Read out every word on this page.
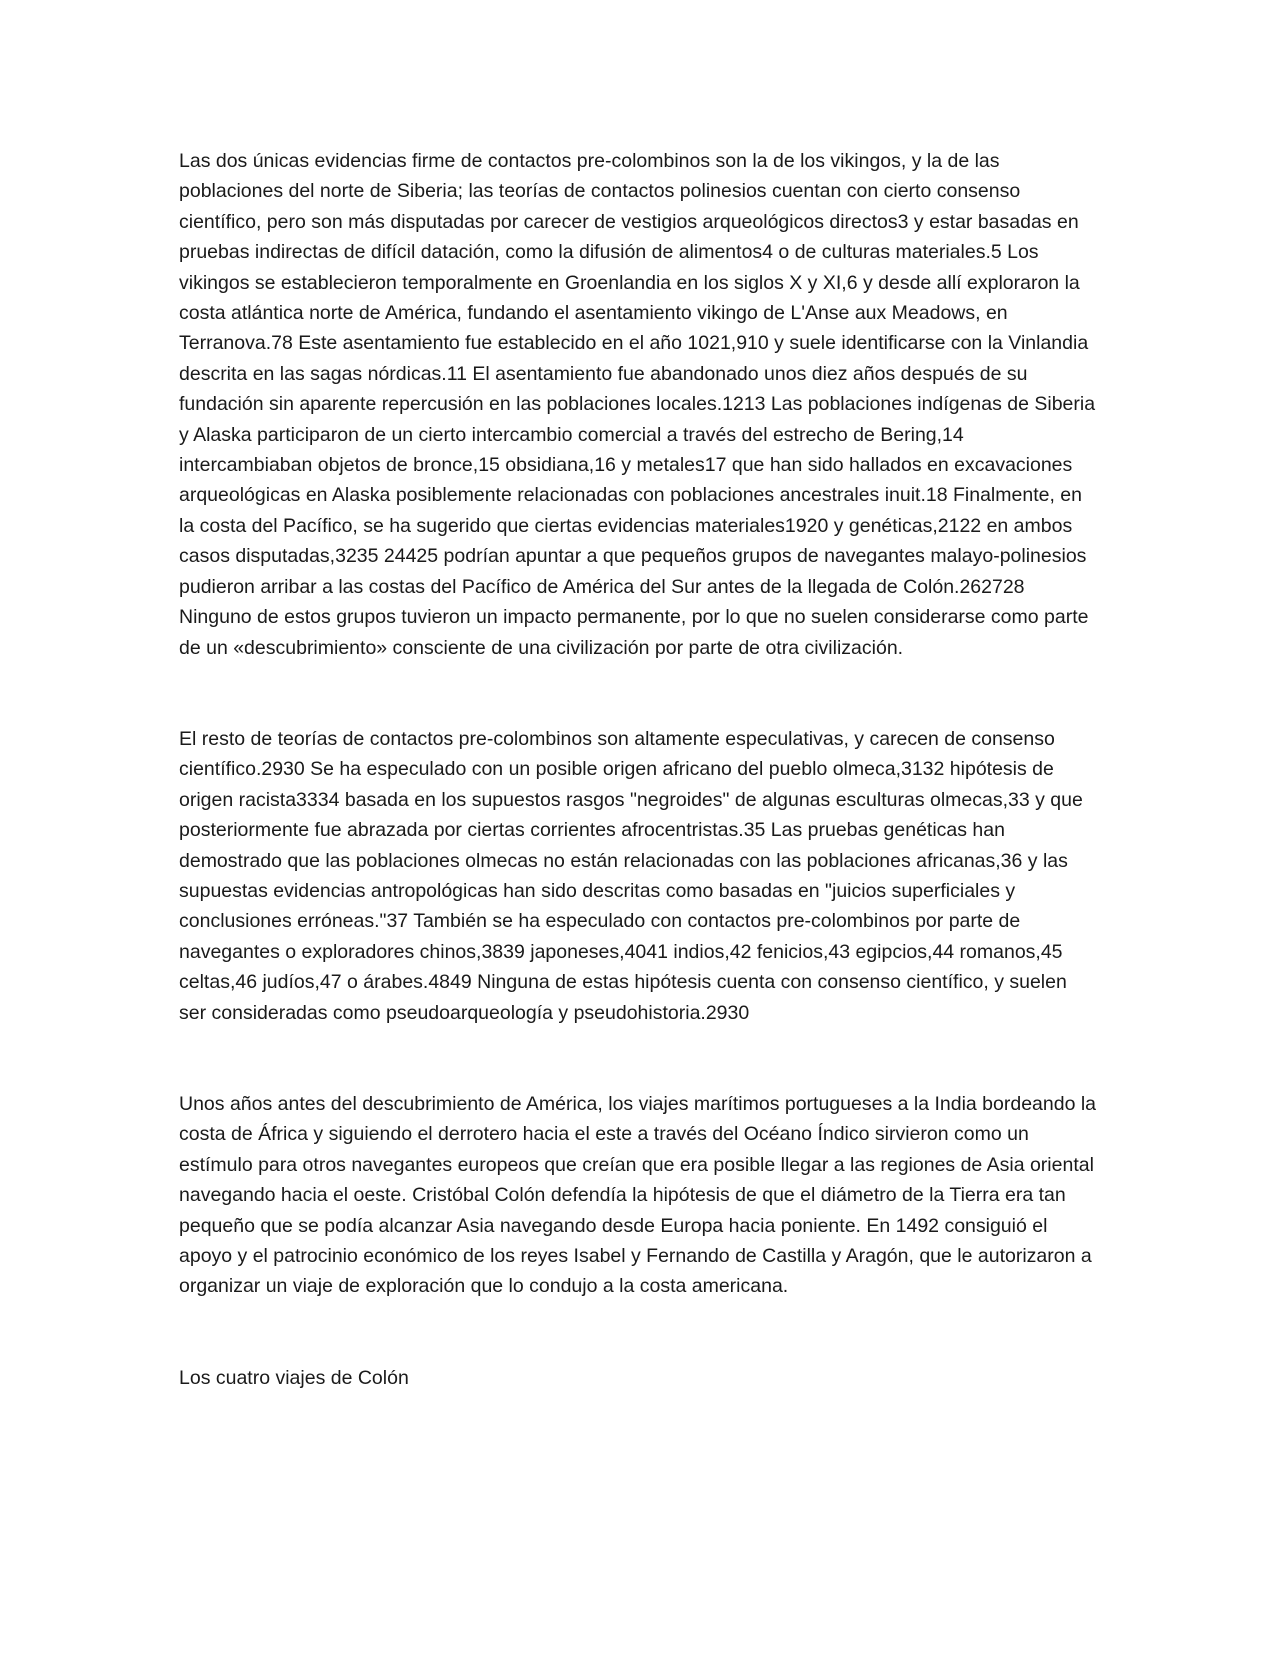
Las dos únicas evidencias firme de contactos pre-colombinos son la de los vikingos, y la de las poblaciones del norte de Siberia; las teorías de contactos polinesios cuentan con cierto consenso científico, pero son más disputadas por carecer de vestigios arqueológicos directos3 y estar basadas en pruebas indirectas de difícil datación, como la difusión de alimentos4 o de culturas materiales.5 Los vikingos se establecieron temporalmente en Groenlandia en los siglos X y XI,6 y desde allí exploraron la costa atlántica norte de América, fundando el asentamiento vikingo de L'Anse aux Meadows, en Terranova.78 Este asentamiento fue establecido en el año 1021,910 y suele identificarse con la Vinlandia descrita en las sagas nórdicas.11 El asentamiento fue abandonado unos diez años después de su fundación sin aparente repercusión en las poblaciones locales.1213 Las poblaciones indígenas de Siberia y Alaska participaron de un cierto intercambio comercial a través del estrecho de Bering,14 intercambiaban objetos de bronce,15 obsidiana,16 y metales17 que han sido hallados en excavaciones arqueológicas en Alaska posiblemente relacionadas con poblaciones ancestrales inuit.18 Finalmente, en la costa del Pacífico, se ha sugerido que ciertas evidencias materiales1920 y genéticas,2122 en ambos casos disputadas,3235 24425 podrían apuntar a que pequeños grupos de navegantes malayo-polinesios pudieron arribar a las costas del Pacífico de América del Sur antes de la llegada de Colón.262728 Ninguno de estos grupos tuvieron un impacto permanente, por lo que no suelen considerarse como parte de un «descubrimiento» consciente de una civilización por parte de otra civilización.

El resto de teorías de contactos pre-colombinos son altamente especulativas, y carecen de consenso científico.2930 Se ha especulado con un posible origen africano del pueblo olmeca,3132 hipótesis de origen racista3334 basada en los supuestos rasgos "negroides" de algunas esculturas olmecas,33 y que posteriormente fue abrazada por ciertas corrientes afrocentristas.35 Las pruebas genéticas han demostrado que las poblaciones olmecas no están relacionadas con las poblaciones africanas,36 y las supuestas evidencias antropológicas han sido descritas como basadas en "juicios superficiales y conclusiones erróneas."37 También se ha especulado con contactos pre-colombinos por parte de navegantes o exploradores chinos,3839 japoneses,4041 indios,42 fenicios,43 egipcios,44 romanos,45 celtas,46 judíos,47 o árabes.4849 Ninguna de estas hipótesis cuenta con consenso científico, y suelen ser consideradas como pseudoarqueología y pseudohistoria.2930

Unos años antes del descubrimiento de América, los viajes marítimos portugueses a la India bordeando la costa de África y siguiendo el derrotero hacia el este a través del Océano Índico sirvieron como un estímulo para otros navegantes europeos que creían que era posible llegar a las regiones de Asia oriental navegando hacia el oeste. Cristóbal Colón defendía la hipótesis de que el diámetro de la Tierra era tan pequeño que se podía alcanzar Asia navegando desde Europa hacia poniente. En 1492 consiguió el apoyo y el patrocinio económico de los reyes Isabel y Fernando de Castilla y Aragón, que le autorizaron a organizar un viaje de exploración que lo condujo a la costa americana.

Los cuatro viajes de Colón
